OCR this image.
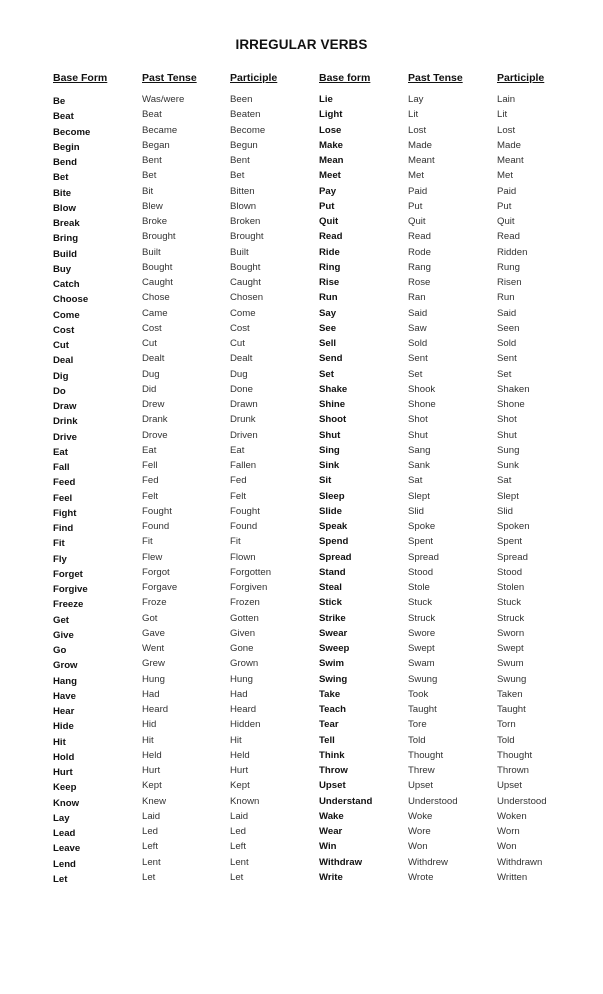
IRREGULAR VERBS
Base Form	Past Tense	Participle	Base form	Past Tense	Participle
Be	Was/were	Been	Lie	Lay	Lain
Beat	Beat	Beaten	Light	Lit	Lit
Become	Became	Become	Lose	Lost	Lost
Begin	Began	Begun	Make	Made	Made
Bend	Bent	Bent	Mean	Meant	Meant
Bet	Bet	Bet	Meet	Met	Met
Bite	Bit	Bitten	Pay	Paid	Paid
Blow	Blew	Blown	Put	Put	Put
Break	Broke	Broken	Quit	Quit	Quit
Bring	Brought	Brought	Read	Read	Read
Build	Built	Built	Ride	Rode	Ridden
Buy	Bought	Bought	Ring	Rang	Rung
Catch	Caught	Caught	Rise	Rose	Risen
Choose	Chose	Chosen	Run	Ran	Run
Come	Came	Come	Say	Said	Said
Cost	Cost	Cost	See	Saw	Seen
Cut	Cut	Cut	Sell	Sold	Sold
Deal	Dealt	Dealt	Send	Sent	Sent
Dig	Dug	Dug	Set	Set	Set
Do	Did	Done	Shake	Shook	Shaken
Draw	Drew	Drawn	Shine	Shone	Shone
Drink	Drank	Drunk	Shoot	Shot	Shot
Drive	Drove	Driven	Shut	Shut	Shut
Eat	Eat	Eat	Sing	Sang	Sung
Fall	Fell	Fallen	Sink	Sank	Sunk
Feed	Fed	Fed	Sit	Sat	Sat
Feel	Felt	Felt	Sleep	Slept	Slept
Fight	Fought	Fought	Slide	Slid	Slid
Find	Found	Found	Speak	Spoke	Spoken
Fit	Fit	Fit	Spend	Spent	Spent
Fly	Flew	Flown	Spread	Spread	Spread
Forget	Forgot	Forgotten	Stand	Stood	Stood
Forgive	Forgave	Forgiven	Steal	Stole	Stolen
Freeze	Froze	Frozen	Stick	Stuck	Stuck
Get	Got	Gotten	Strike	Struck	Struck
Give	Gave	Given	Swear	Swore	Sworn
Go	Went	Gone	Sweep	Swept	Swept
Grow	Grew	Grown	Swim	Swam	Swum
Hang	Hung	Hung	Swing	Swung	Swung
Have	Had	Had	Take	Took	Taken
Hear	Heard	Heard	Teach	Taught	Taught
Hide	Hid	Hidden	Tear	Tore	Torn
Hit	Hit	Hit	Tell	Told	Told
Hold	Held	Held	Think	Thought	Thought
Hurt	Hurt	Hurt	Throw	Threw	Thrown
Keep	Kept	Kept	Upset	Upset	Upset
Know	Knew	Known	Understand	Understood	Understood
Lay	Laid	Laid	Wake	Woke	Woken
Lead	Led	Led	Wear	Wore	Worn
Leave	Left	Left	Win	Won	Won
Lend	Lent	Lent	Withdraw	Withdrew	Withdrawn
Let	Let	Let	Write	Wrote	Written
